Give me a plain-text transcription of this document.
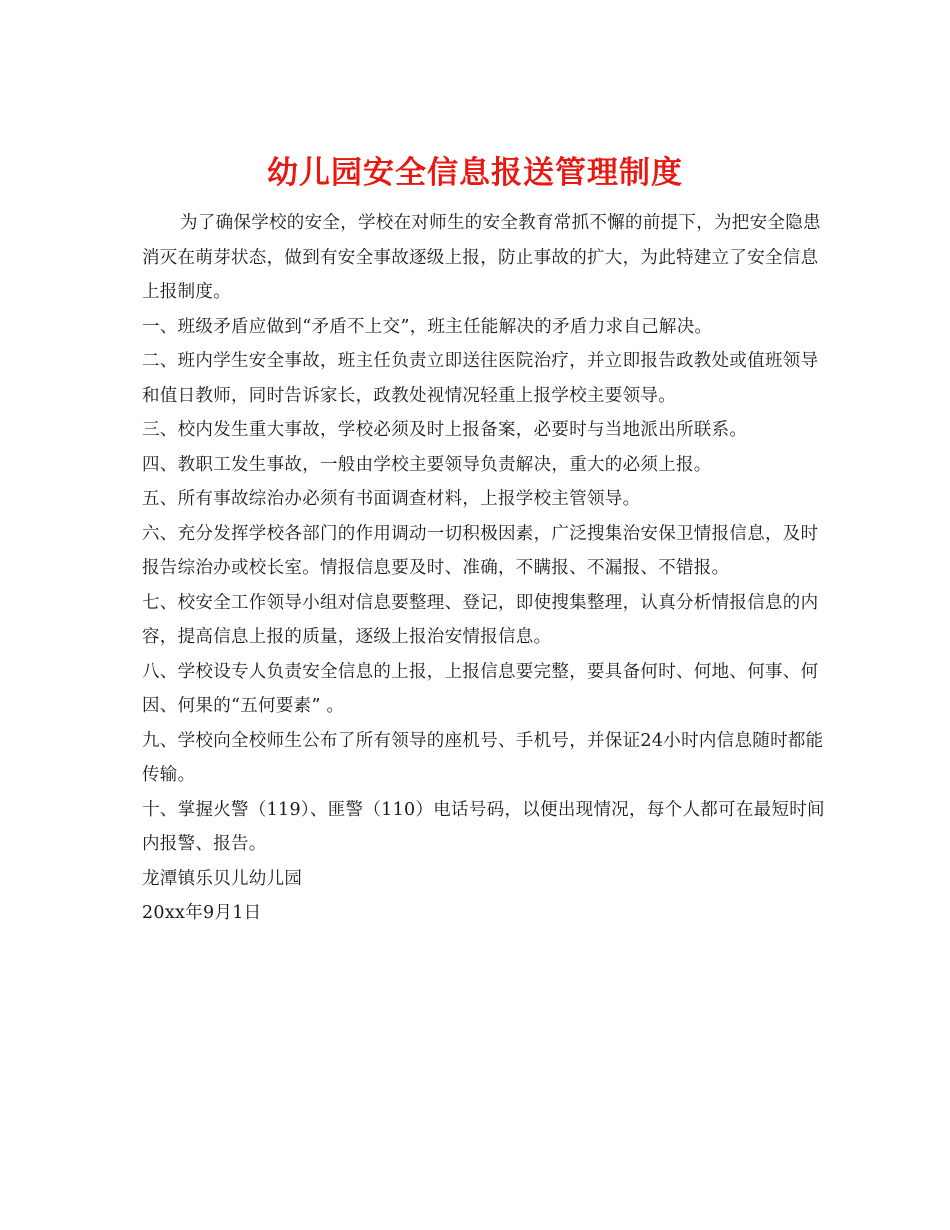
幼儿园安全信息报送管理制度

为了确保学校的安全，学校在对师生的安全教育常抓不懈的前提下，为把安全隐患消灭在萌芽状态，做到有安全事故逐级上报，防止事故的扩大，为此特建立了安全信息上报制度。

一、班级矛盾应做到“矛盾不上交”，班主任能解决的矛盾力求自己解决。

二、班内学生安全事故，班主任负责立即送往医院治疗，并立即报告政教处或值班领导和值日教师，同时告诉家长，政教处视情况轻重上报学校主要领导。

三、校内发生重大事故，学校必须及时上报备案，必要时与当地派出所联系。

四、教职工发生事故，一般由学校主要领导负责解决，重大的必须上报。

五、所有事故综治办必须有书面调查材料，上报学校主管领导。

六、充分发挥学校各部门的作用调动一切积极因素，广泛搜集治安保卫情报信息，及时报告综治办或校长室。情报信息要及时、准确，不瞒报、不漏报、不错报。

七、校安全工作领导小组对信息要整理、登记，即使搜集整理，认真分析情报信息的内容，提高信息上报的质量，逐级上报治安情报信息。

八、学校设专人负责安全信息的上报，上报信息要完整，要具备何时、何地、何事、何因、何果的“五何要素” 。

九、学校向全校师生公布了所有领导的座机号、手机号，并保证24小时内信息随时都能传输。

十、掌握火警（119）、匪警（110）电话号码，以便出现情况，每个人都可在最短时间内报警、报告。

龙潭镇乐贝儿幼儿园

20xx年9月1日
